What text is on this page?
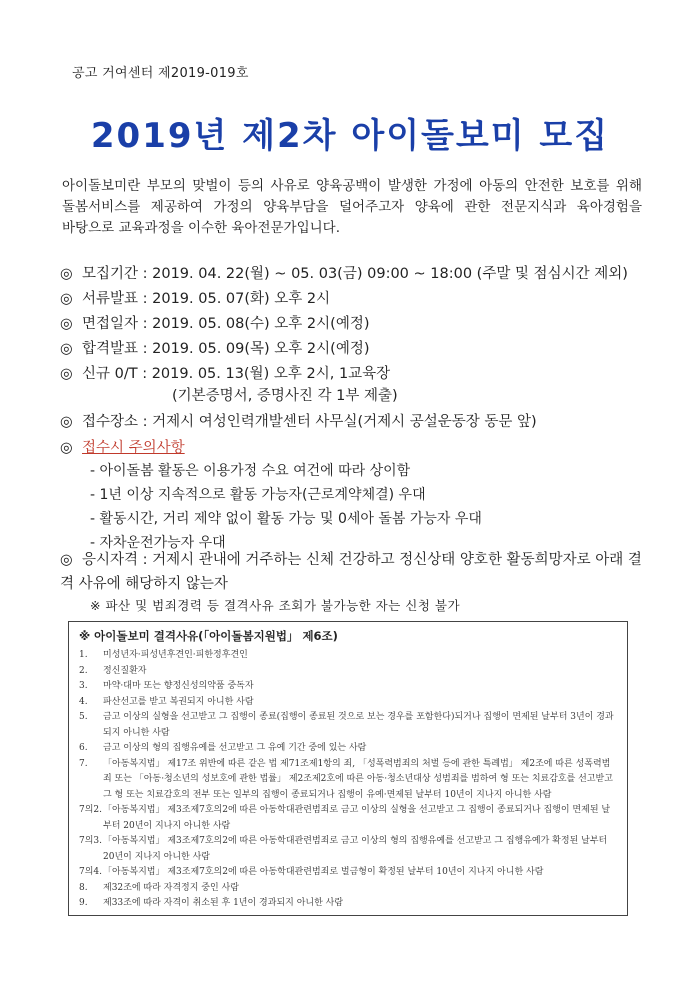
공고 거여센터 제2019-019호
2019년 제2차 아이돌보미 모집
아이돌보미란 부모의 맞벌이 등의 사유로 양육공백이 발생한 가정에 아동의 안전한 보호를 위해 돌봄서비스를 제공하여 가정의 양육부담을 덜어주고자 양육에 관한 전문지식과 육아경험을 바탕으로 교육과정을 이수한 육아전문가입니다.
◎ 모집기간 : 2019. 04. 22(월) ~ 05. 03(금) 09:00 ~ 18:00 (주말 및 점심시간 제외)
◎ 서류발표 : 2019. 05. 07(화) 오후 2시
◎ 면접일자 : 2019. 05. 08(수) 오후 2시(예정)
◎ 합격발표 : 2019. 05. 09(목) 오후 2시(예정)
◎ 신규 0/T : 2019. 05. 13(월) 오후 2시, 1교육장
(기본증명서, 증명사진 각 1부 제출)
◎ 접수장소 : 거제시 여성인력개발센터 사무실(거제시 공설운동장 동문 앞)
◎ 접수시 주의사항
- 아이돌봄 활동은 이용가정 수요 여건에 따라 상이함
- 1년 이상 지속적으로 활동 가능자(근로계약체결) 우대
- 활동시간, 거리 제약 없이 활동 가능 및 0세아 돌봄 가능자 우대
- 자차운전가능자 우대
◎ 응시자격 : 거제시 관내에 거주하는 신체 건강하고 정신상태 양호한 활동희망자로 아래 결격 사유에 해당하지 않는자
※ 파산 및 범죄경력 등 결격사유 조회가 불가능한 자는 신청 불가
※ 아이돌보미 결격사유(「아이돌봄지원법」 제6조)
1.	미성년자·피성년후견인·피한정후견인
2.	정신질환자
3.	마약·대마 또는 향정신성의약품 중독자
4.	파산선고를 받고 복권되지 아니한 사람
5.	금고 이상의 실형을 선고받고 그 집행이 종료(집행이 종료된 것으로 보는 경우를 포함한다)되거나 집행이 면제된 날부터 3년이 경과되지 아니한 사람
6.	금고 이상의 형의 집행유예를 선고받고 그 유예 기간 중에 있는 사람
7.	「아동복지법」 제17조 위반에 따른 같은 법 제71조제1항의 죄, 「성폭력범죄의 처벌 등에 관한 특례법」 제2조에 따른 성폭력범죄 또는 「아동·청소년의 성보호에 관한 법률」 제2조제2호에 따른 아동·청소년대상 성범죄를 범하여 형 또는 치료감호를 선고받고 그 형 또는 치료감호의 전부 또는 일부의 집행이 종료되거나 집행이 유예·면제된 날부터 10년이 지나지 아니한 사람
7의2. 「아동복지법」 제3조제7호의2에 따른 아동학대관련범죄로 금고 이상의 실형을 선고받고 그 집행이 종료되거나 집행이 면제된 날부터 20년이 지나지 아니한 사람
7의3. 「아동복지법」 제3조제7호의2에 따른 아동학대관련범죄로 금고 이상의 형의 집행유예를 선고받고 그 집행유예가 확정된 날부터 20년이 지나지 아니한 사람
7의4. 「아동복지법」 제3조제7호의2에 따른 아동학대관련범죄로 벌금형이 확정된 날부터 10년이 지나지 아니한 사람
8.	제32조에 따라 자격정지 중인 사람
9.	제33조에 따라 자격이 취소된 후 1년이 경과되지 아니한 사람
